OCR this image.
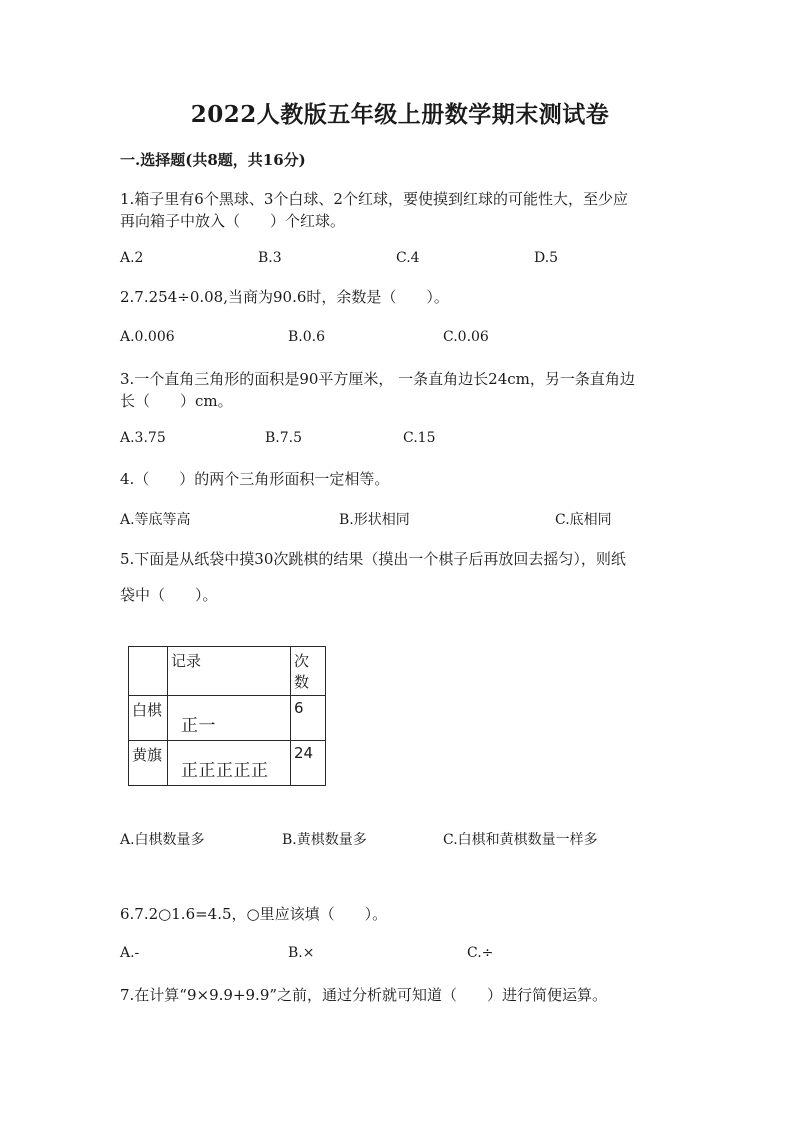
2022人教版五年级上册数学期末测试卷
一.选择题(共8题，共16分)
1.箱子里有6个黑球、3个白球、2个红球，要使摸到红球的可能性大，至少应
再向箱子中放入（　　）个红球。
A.2	B.3	C.4	D.5
2.7.254÷0.08,当商为90.6时，余数是（　　）。
A.0.006	B.0.6	C.0.06
3.一个直角三角形的面积是90平方厘米， 一条直角边长24cm，另一条直角边
长（　　）cm。
A.3.75	B.7.5	C.15
4.（　　）的两个三角形面积一定相等。
A.等底等高	B.形状相同	C.底相同
5.下面是从纸袋中摸30次跳棋的结果（摸出一个棋子后再放回去摇匀），则纸
袋中（　　）。
	记录	次数
白棋	正一	6
黄旗	正正正正正	24
A.白棋数量多	B.黄棋数量多	C.白棋和黄棋数量一样多
6.7.2○1.6=4.5，○里应该填（　　）。
A.-	B.×	C.÷
7.在计算“9×9.9+9.9”之前，通过分析就可知道（　　）进行简便运算。
